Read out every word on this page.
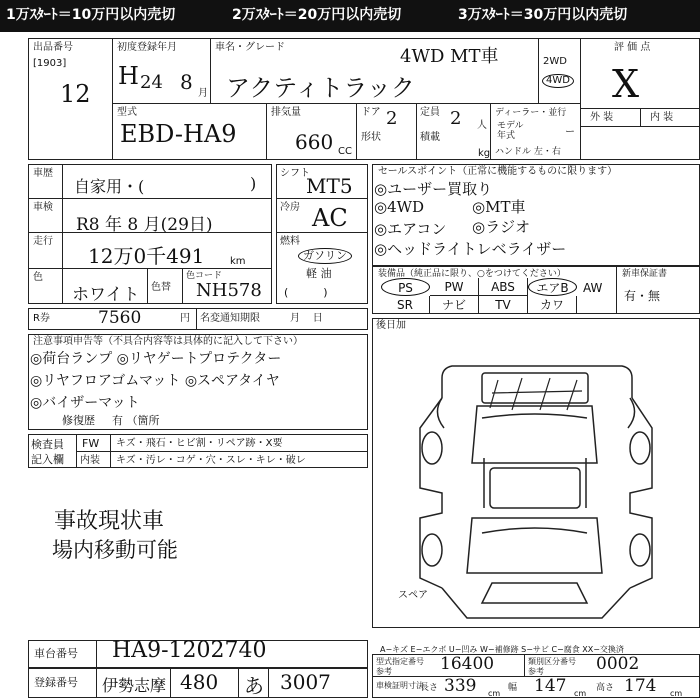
1万ｽﾀｰﾄ＝10万円以内売切	2万ｽﾀｰﾄ＝20万円以内売切	3万ｽﾀｰﾄ＝30万円以内売切
出品番号
[1903]
12
初度登録年月
H 24 8 月
車名・グレード	4WD MT車
アクティトラック
2WD
4WD
評 価 点
X
外 装	内 装
型式
EBD-HA9
排気量
660 CC
ドア 2 定員 2 人
形状	積載
kg
ディーラー・並行
モデル
年式	ー
ハンドル 左・右
車歴
自家用・(	)
車検
R8 年 8 月(29日)
走行
12万0千491	km
色
ホワイト 色替
色コード
NH578
シフト
MT5
冷房 AC
燃料
ガソリン
軽 油
(          )
セールスポイント（正常に機能するものに限ります）
◎ユーザー買取り
◎4WD	◎MT車
◎エアコン ◎ラジオ
◎ヘッドライトレベライザー
装備品（純正品に限り、○をつけてください）	新車保証書
有・無
PS	PW	ABS	エアB
SR	ナビ	TV	カワ
AW
R券	7560	円 名変通知期限	月    日
注意事項申告等（不具合内容等は具体的に記入して下さい）
◎荷台ランプ ◎リヤゲートプロテクター
◎リヤフロアゴムマット ◎スペアタイヤ
◎バイザーマット
修復歴 有 （箇所
検査員
記入欄
FW キズ・飛石・ヒビ割・リペア跡・X要
内装 キズ・汚レ・コゲ・穴・スレ・キレ・破レ
事故現状車
場内移動可能
後日加
スペア
A−キズ E−エクボ U−凹み W−補修跡 S−サビ C−腐食 XX−交換済
車台番号 HA9-1202740
登録番号 伊勢志摩 480 あ 3007
型式指定番号
参考	16400	類別区分番号
参考	0002
車検証明寸法
長さ 339 cm
幅 147 cm
高さ 174 cm
